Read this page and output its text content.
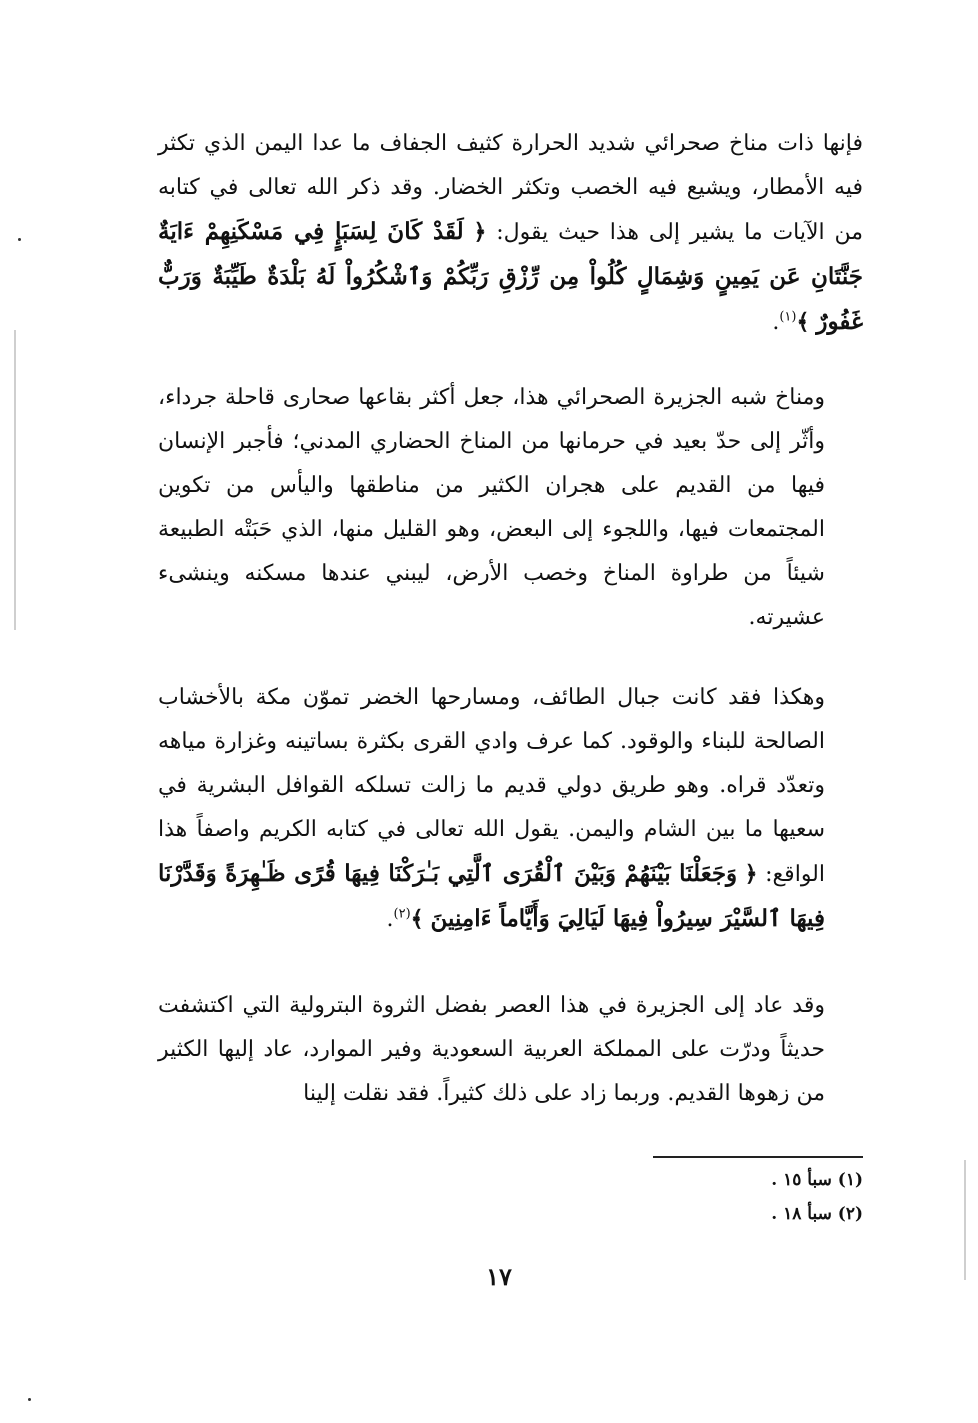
فإنها ذات مناخ صحرائي شديد الحرارة كثيف الجفاف ما عدا اليمن الذي تكثر فيه الأمطار، ويشيع فيه الخصب وتكثر الخضار. وقد ذكر الله تعالى في كتابه من الآيات ما يشير إلى هذا حيث يقول: ﴿ لَقَدْ كَانَ لِسَبَإٍ فِي مَسْكَنِهِمْ ءَايَةٌ جَنَّتَانِ عَن يَمِينٍ وَشِمَالٍ كُلُواْ مِن رِّزْقِ رَبِّكُمْ وَٱشْكُرُواْ لَهُ بَلْدَةٌ طَيِّبَةٌ وَرَبٌّ غَفُورٌ ﴾$^{(١)}$.

ومناخ شبه الجزيرة الصحرائي هذا، جعل أكثر بقاعها صحارى قاحلة جرداء، وأثّر إلى حدّ بعيد في حرمانها من المناخ الحضاري المدني؛ فأجبر الإنسان فيها من القديم على هجران الكثير من مناطقها واليأس من تكوين المجتمعات فيها، واللجوء إلى البعض، وهو القليل منها، الذي حَبَتْه الطبيعة شيئاً من طراوة المناخ وخصب الأرض، ليبني عندها مسكنه وينشىء عشيرته.

وهكذا فقد كانت جبال الطائف، ومسارحها الخضر تموّن مكة بالأخشاب الصالحة للبناء والوقود. كما عرف وادي القرى بكثرة بساتينه وغزارة مياهه وتعدّد قراه. وهو طريق دولي قديم ما زالت تسلكه القوافل البشرية في سعيها ما بين الشام واليمن. يقول الله تعالى في كتابه الكريم واصفاً هذا الواقع: ﴿ وَجَعَلْنَا بَيْنَهُمْ وَبَيْنَ ٱلْقُرَى ٱلَّتِي بَـٰرَكْنَا فِيهَا قُرًى ظَـٰهِرَةً وَقَدَّرْنَا فِيهَا ٱلسَّيْرَ سِيرُواْ فِيهَا لَيَالِيَ وَأَيَّاماً ءَامِنِينَ ﴾$^{(٢)}$.

وقد عاد إلى الجزيرة في هذا العصر بفضل الثروة البترولية التي اكتشفت حديثاً ودرّت على المملكة العربية السعودية وفير الموارد، عاد إليها الكثير من زهوها القديم. وربما زاد على ذلك كثيراً. فقد نقلت إلينا

(١) سبأ ١٥ .
(٢) سبأ ١٨ .
١٧
